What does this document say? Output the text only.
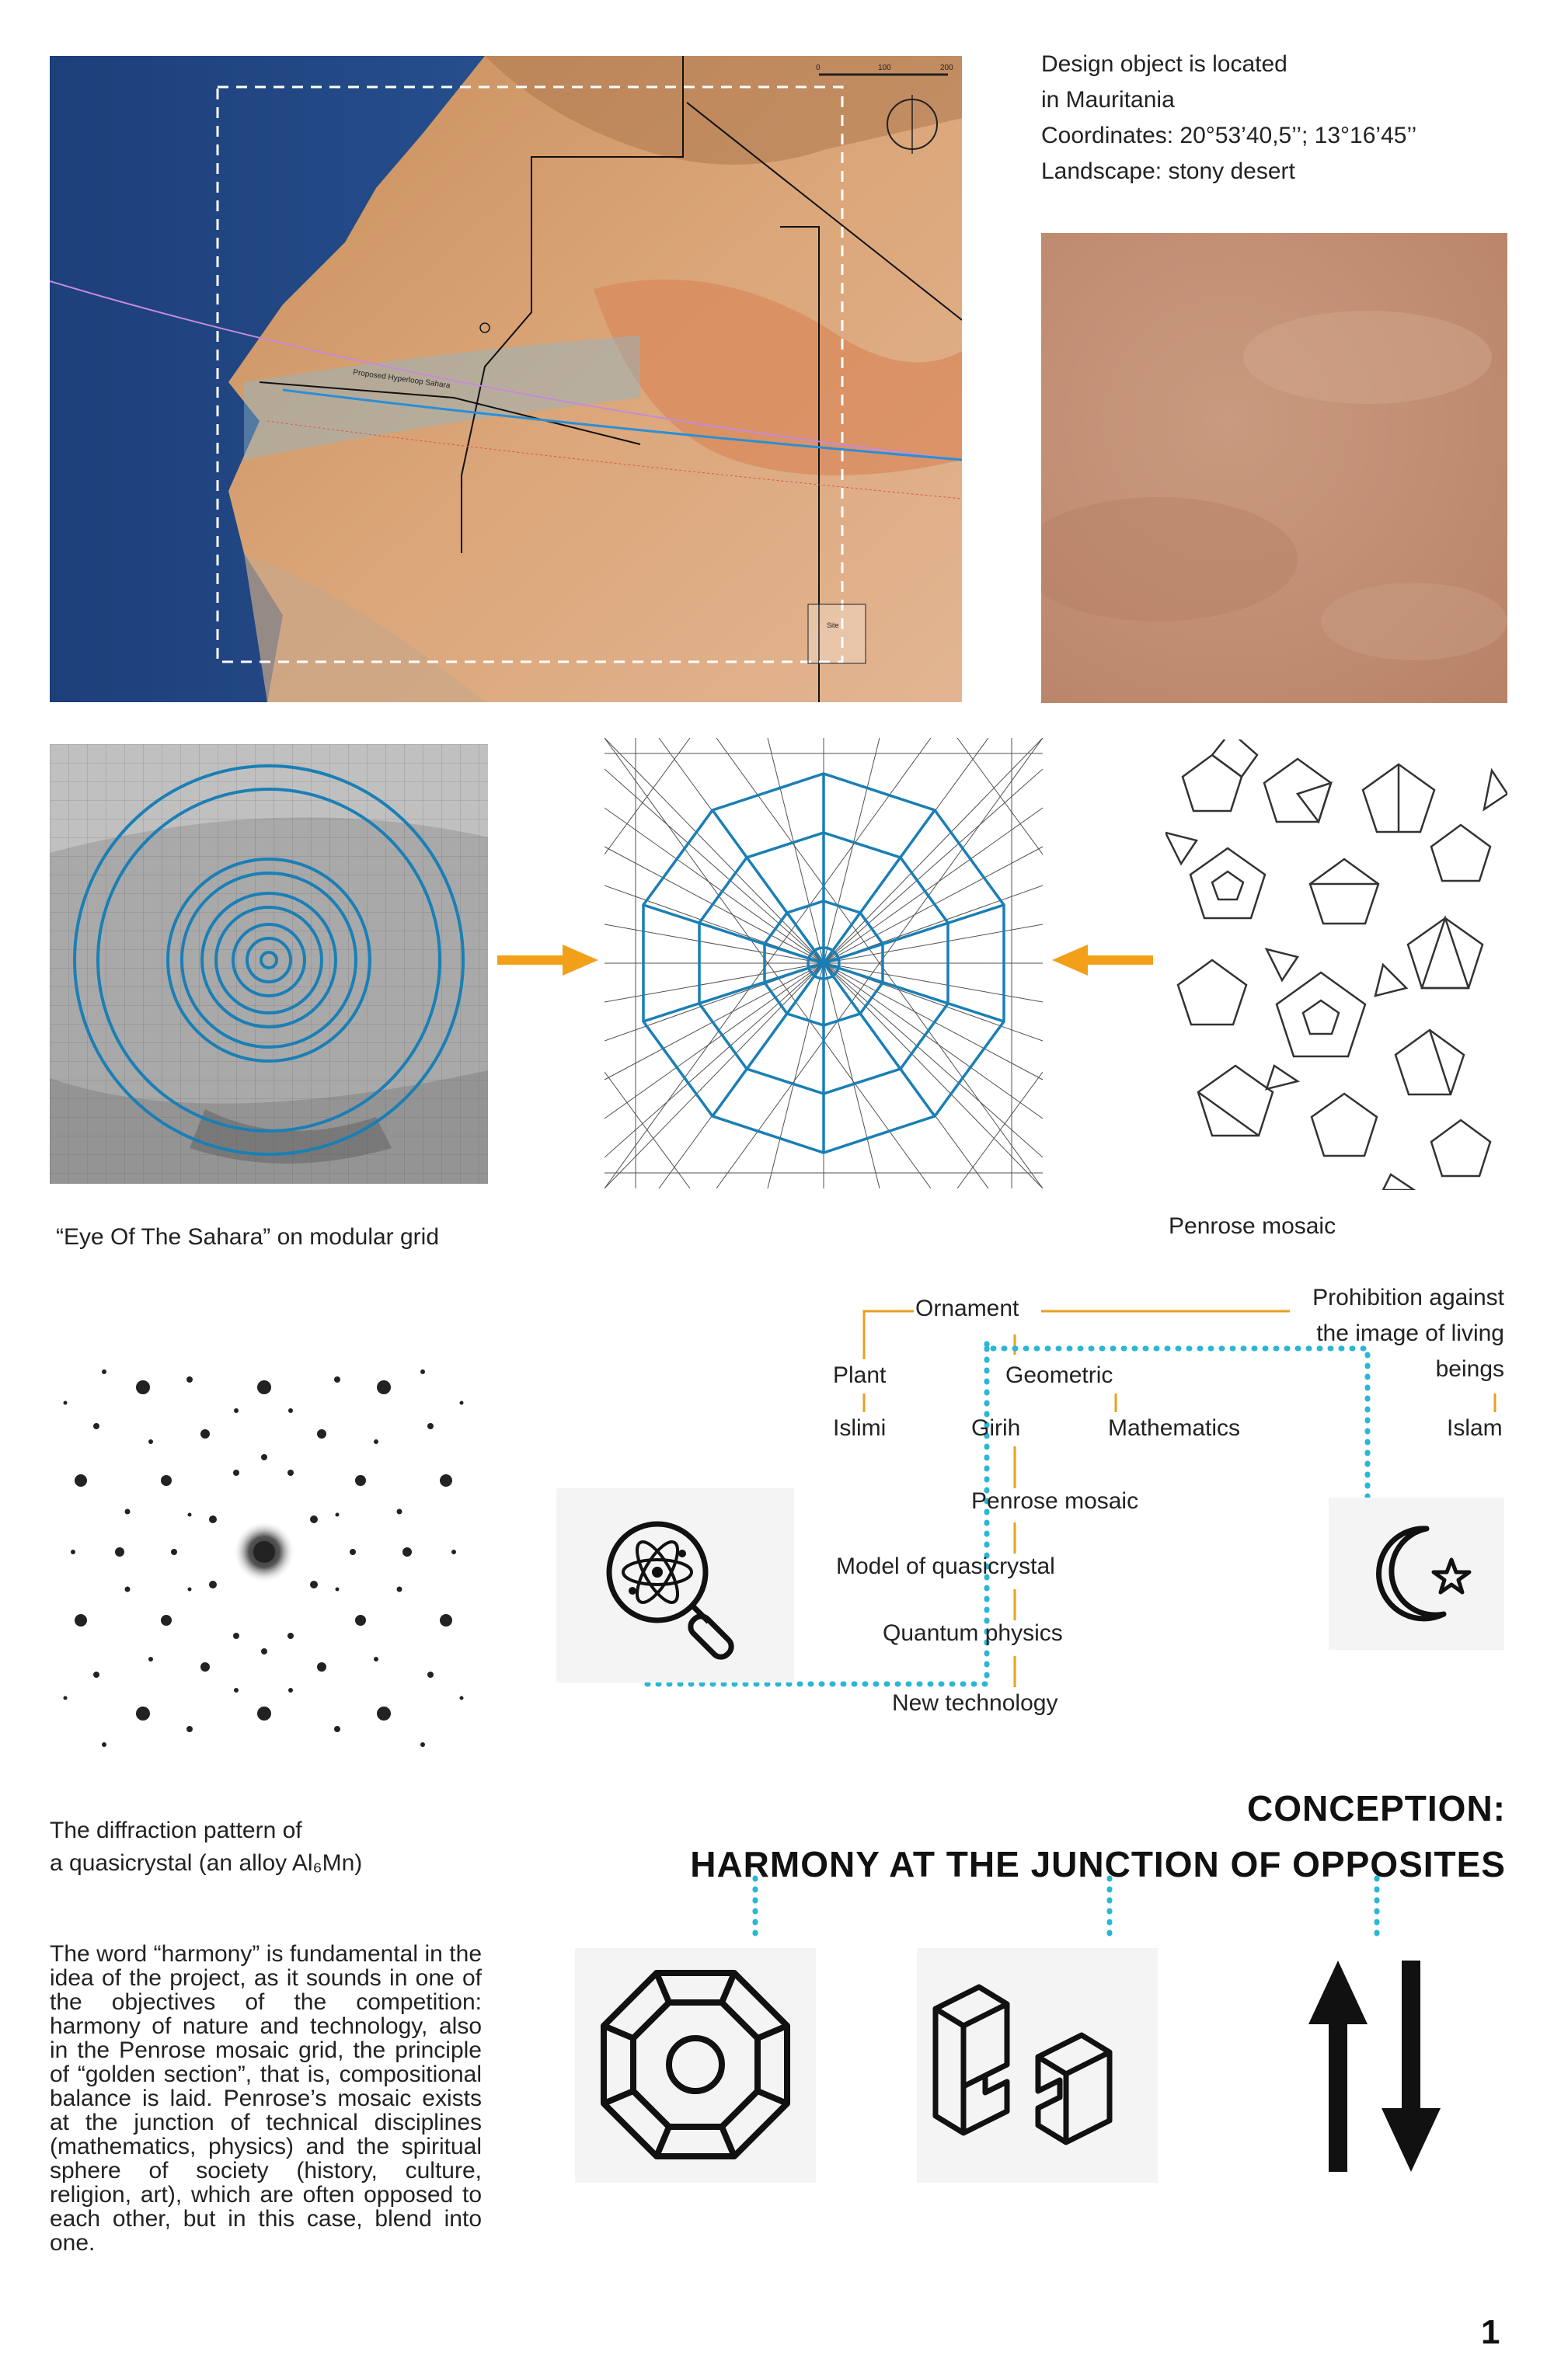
0	100	200
Proposed Hyperloop Sahara
Site
Design object is located
in Mauritania
Coordinates: 20°53’40,5’’; 13°16’45’’
Landscape: stony desert
“Eye Of The Sahara” on modular grid	Penrose mosaic
The diffraction pattern of
a quasicrystal (an alloy Al₆Mn)
Ornament	Prohibition against
the image of living
beings
Plant	Geometric
Islimi	Girih	Mathematics	Islam
Penrose mosaic
Model of quasicrystal
Quantum physics
New technology
CONCEPTION:
HARMONY AT THE JUNCTION OF OPPOSITES
The word “harmony” is fundamental in the idea of the project, as it sounds in one of the objectives of the competition: harmony of nature and technology, also in the Penrose mosaic grid, the principle of “golden section”, that is, compositional balance is laid. Penrose’s mosaic exists at the junction of technical disciplines (mathematics, physics) and the spiritual sphere of society (history, culture, religion, art), which are often opposed to each other, but in this case, blend into one.
1
